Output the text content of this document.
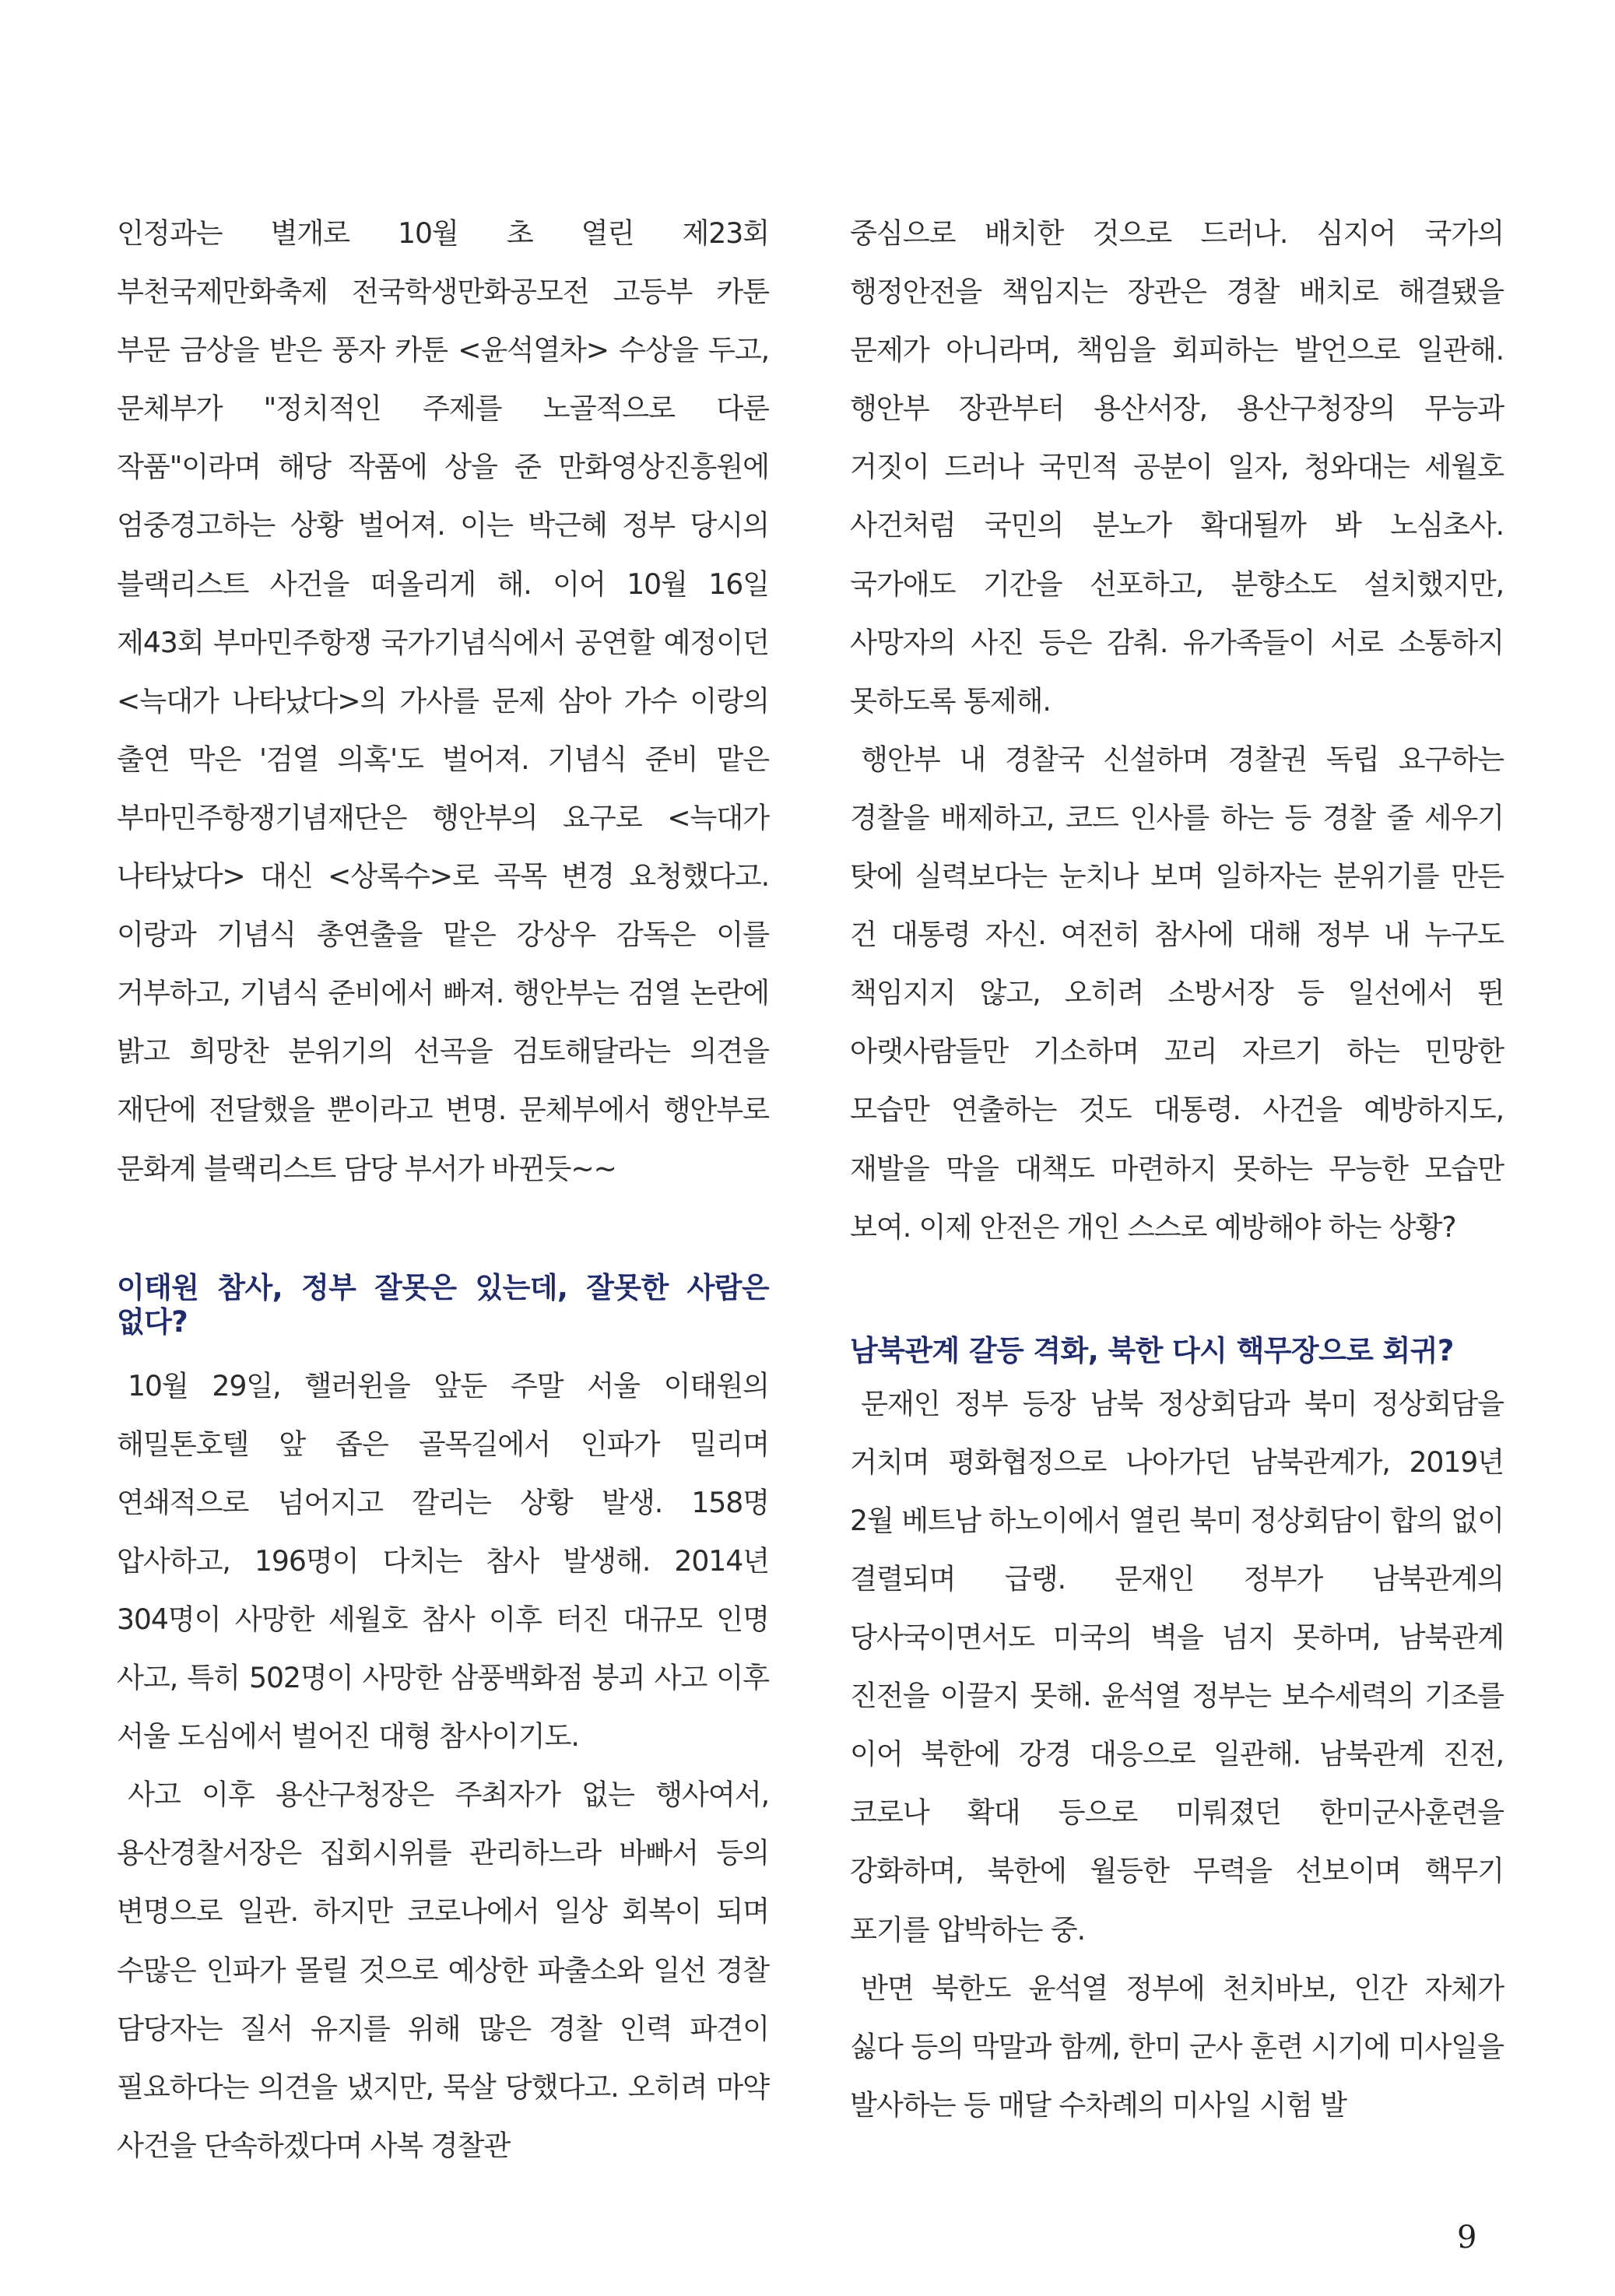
인정과는 별개로 10월 초 열린 제23회 부천국제만화축제 전국학생만화공모전 고등부 카툰 부문 금상을 받은 풍자 카툰 <윤석열차> 수상을 두고, 문체부가 "정치적인 주제를 노골적으로 다룬 작품"이라며 해당 작품에 상을 준 만화영상진흥원에 엄중경고하는 상황 벌어져. 이는 박근혜 정부 당시의 블랙리스트 사건을 떠올리게 해. 이어 10월 16일 제43회 부마민주항쟁 국가기념식에서 공연할 예정이던 <늑대가 나타났다>의 가사를 문제 삼아 가수 이랑의 출연 막은 '검열 의혹'도 벌어져. 기념식 준비 맡은 부마민주항쟁기념재단은 행안부의 요구로 <늑대가 나타났다> 대신 <상록수>로 곡목 변경 요청했다고. 이랑과 기념식 총연출을 맡은 강상우 감독은 이를 거부하고, 기념식 준비에서 빠져. 행안부는 검열 논란에 밝고 희망찬 분위기의 선곡을 검토해달라는 의견을 재단에 전달했을 뿐이라고 변명. 문체부에서 행안부로 문화계 블랙리스트 담당 부서가 바뀐듯~~

이태원 참사, 정부 잘못은 있는데, 잘못한 사람은 없다?

10월 29일, 핼러윈을 앞둔 주말 서울 이태원의 해밀톤호텔 앞 좁은 골목길에서 인파가 밀리며 연쇄적으로 넘어지고 깔리는 상황 발생. 158명 압사하고, 196명이 다치는 참사 발생해. 2014년 304명이 사망한 세월호 참사 이후 터진 대규모 인명 사고, 특히 502명이 사망한 삼풍백화점 붕괴 사고 이후 서울 도심에서 벌어진 대형 참사이기도.

사고 이후 용산구청장은 주최자가 없는 행사여서, 용산경찰서장은 집회시위를 관리하느라 바빠서 등의 변명으로 일관. 하지만 코로나에서 일상 회복이 되며 수많은 인파가 몰릴 것으로 예상한 파출소와 일선 경찰 담당자는 질서 유지를 위해 많은 경찰 인력 파견이 필요하다는 의견을 냈지만, 묵살 당했다고. 오히려 마약 사건을 단속하겠다며 사복 경찰관

중심으로 배치한 것으로 드러나. 심지어 국가의 행정안전을 책임지는 장관은 경찰 배치로 해결됐을 문제가 아니라며, 책임을 회피하는 발언으로 일관해. 행안부 장관부터 용산서장, 용산구청장의 무능과 거짓이 드러나 국민적 공분이 일자, 청와대는 세월호 사건처럼 국민의 분노가 확대될까 봐 노심초사. 국가애도 기간을 선포하고, 분향소도 설치했지만, 사망자의 사진 등은 감춰. 유가족들이 서로 소통하지 못하도록 통제해.

행안부 내 경찰국 신설하며 경찰권 독립 요구하는 경찰을 배제하고, 코드 인사를 하는 등 경찰 줄 세우기 탓에 실력보다는 눈치나 보며 일하자는 분위기를 만든 건 대통령 자신. 여전히 참사에 대해 정부 내 누구도 책임지지 않고, 오히려 소방서장 등 일선에서 뛴 아랫사람들만 기소하며 꼬리 자르기 하는 민망한 모습만 연출하는 것도 대통령. 사건을 예방하지도, 재발을 막을 대책도 마련하지 못하는 무능한 모습만 보여. 이제 안전은 개인 스스로 예방해야 하는 상황?

남북관계 갈등 격화, 북한 다시 핵무장으로 회귀?

문재인 정부 등장 남북 정상회담과 북미 정상회담을 거치며 평화협정으로 나아가던 남북관계가, 2019년 2월 베트남 하노이에서 열린 북미 정상회담이 합의 없이 결렬되며 급랭. 문재인 정부가 남북관계의 당사국이면서도 미국의 벽을 넘지 못하며, 남북관계 진전을 이끌지 못해. 윤석열 정부는 보수세력의 기조를 이어 북한에 강경 대응으로 일관해. 남북관계 진전, 코로나 확대 등으로 미뤄졌던 한미군사훈련을 강화하며, 북한에 월등한 무력을 선보이며 핵무기 포기를 압박하는 중.

반면 북한도 윤석열 정부에 천치바보, 인간 자체가 싫다 등의 막말과 함께, 한미 군사 훈련 시기에 미사일을 발사하는 등 매달 수차례의 미사일 시험 발

9
